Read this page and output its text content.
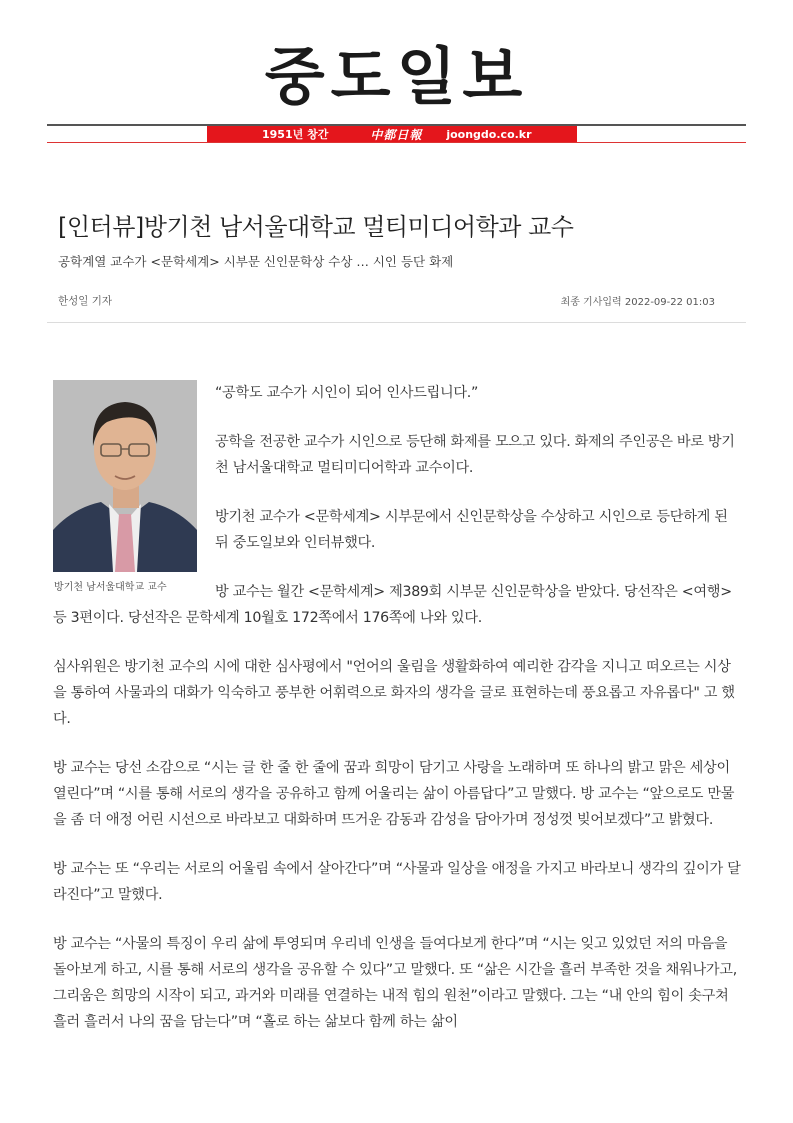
중도일보
1951년 창간	中都日報 joongdo.co.kr
[인터뷰]방기천 남서울대학교 멀티미디어학과 교수
공학계열 교수가 <문학세계> 시부문 신인문학상 수상 … 시인 등단 화제
한성일 기자	최종 기사입력 2022-09-22 01:03
방기천 남서울대학교 교수

“공학도 교수가 시인이 되어 인사드립니다.”

공학을 전공한 교수가 시인으로 등단해 화제를 모으고 있다. 화제의 주인공은 바로 방기천 남서울대학교 멀티미디어학과 교수이다.

방기천 교수가 <문학세계> 시부문에서 신인문학상을 수상하고 시인으로 등단하게 된 뒤 중도일보와 인터뷰했다.

방 교수는 월간 <문학세계> 제389회 시부문 신인문학상을 받았다. 당선작은 <여행> 등 3편이다. 당선작은 문학세계 10월호 172쪽에서 176쪽에 나와 있다.

심사위원은 방기천 교수의 시에 대한 심사평에서 "언어의 울림을 생활화하여 예리한 감각을 지니고 떠오르는 시상을 통하여 사물과의 대화가 익숙하고 풍부한 어휘력으로 화자의 생각을 글로 표현하는데 풍요롭고 자유롭다" 고 했다.

방 교수는 당선 소감으로 “시는 글 한 줄 한 줄에 꿈과 희망이 담기고 사랑을 노래하며 또 하나의 밝고 맑은 세상이 열린다”며 “시를 통해 서로의 생각을 공유하고 함께 어울리는 삶이 아름답다”고 말했다. 방 교수는 “앞으로도 만물을 좀 더 애정 어린 시선으로 바라보고 대화하며 뜨거운 감동과 감성을 담아가며 정성껏 빚어보겠다”고 밝혔다.

방 교수는 또 “우리는 서로의 어울림 속에서 살아간다”며 “사물과 일상을 애정을 가지고 바라보니 생각의 깊이가 달라진다”고 말했다.

방 교수는 “사물의 특징이 우리 삶에 투영되며 우리네 인생을 들여다보게 한다”며 “시는 잊고 있었던 저의 마음을 돌아보게 하고, 시를 통해 서로의 생각을 공유할 수 있다”고 말했다. 또 “삶은 시간을 흘러 부족한 것을 채워나가고, 그리움은 희망의 시작이 되고, 과거와 미래를 연결하는 내적 힘의 원천”이라고 말했다. 그는 “내 안의 힘이 솟구쳐 흘러 흘러서 나의 꿈을 담는다”며 “홀로 하는 삶보다 함께 하는 삶이
